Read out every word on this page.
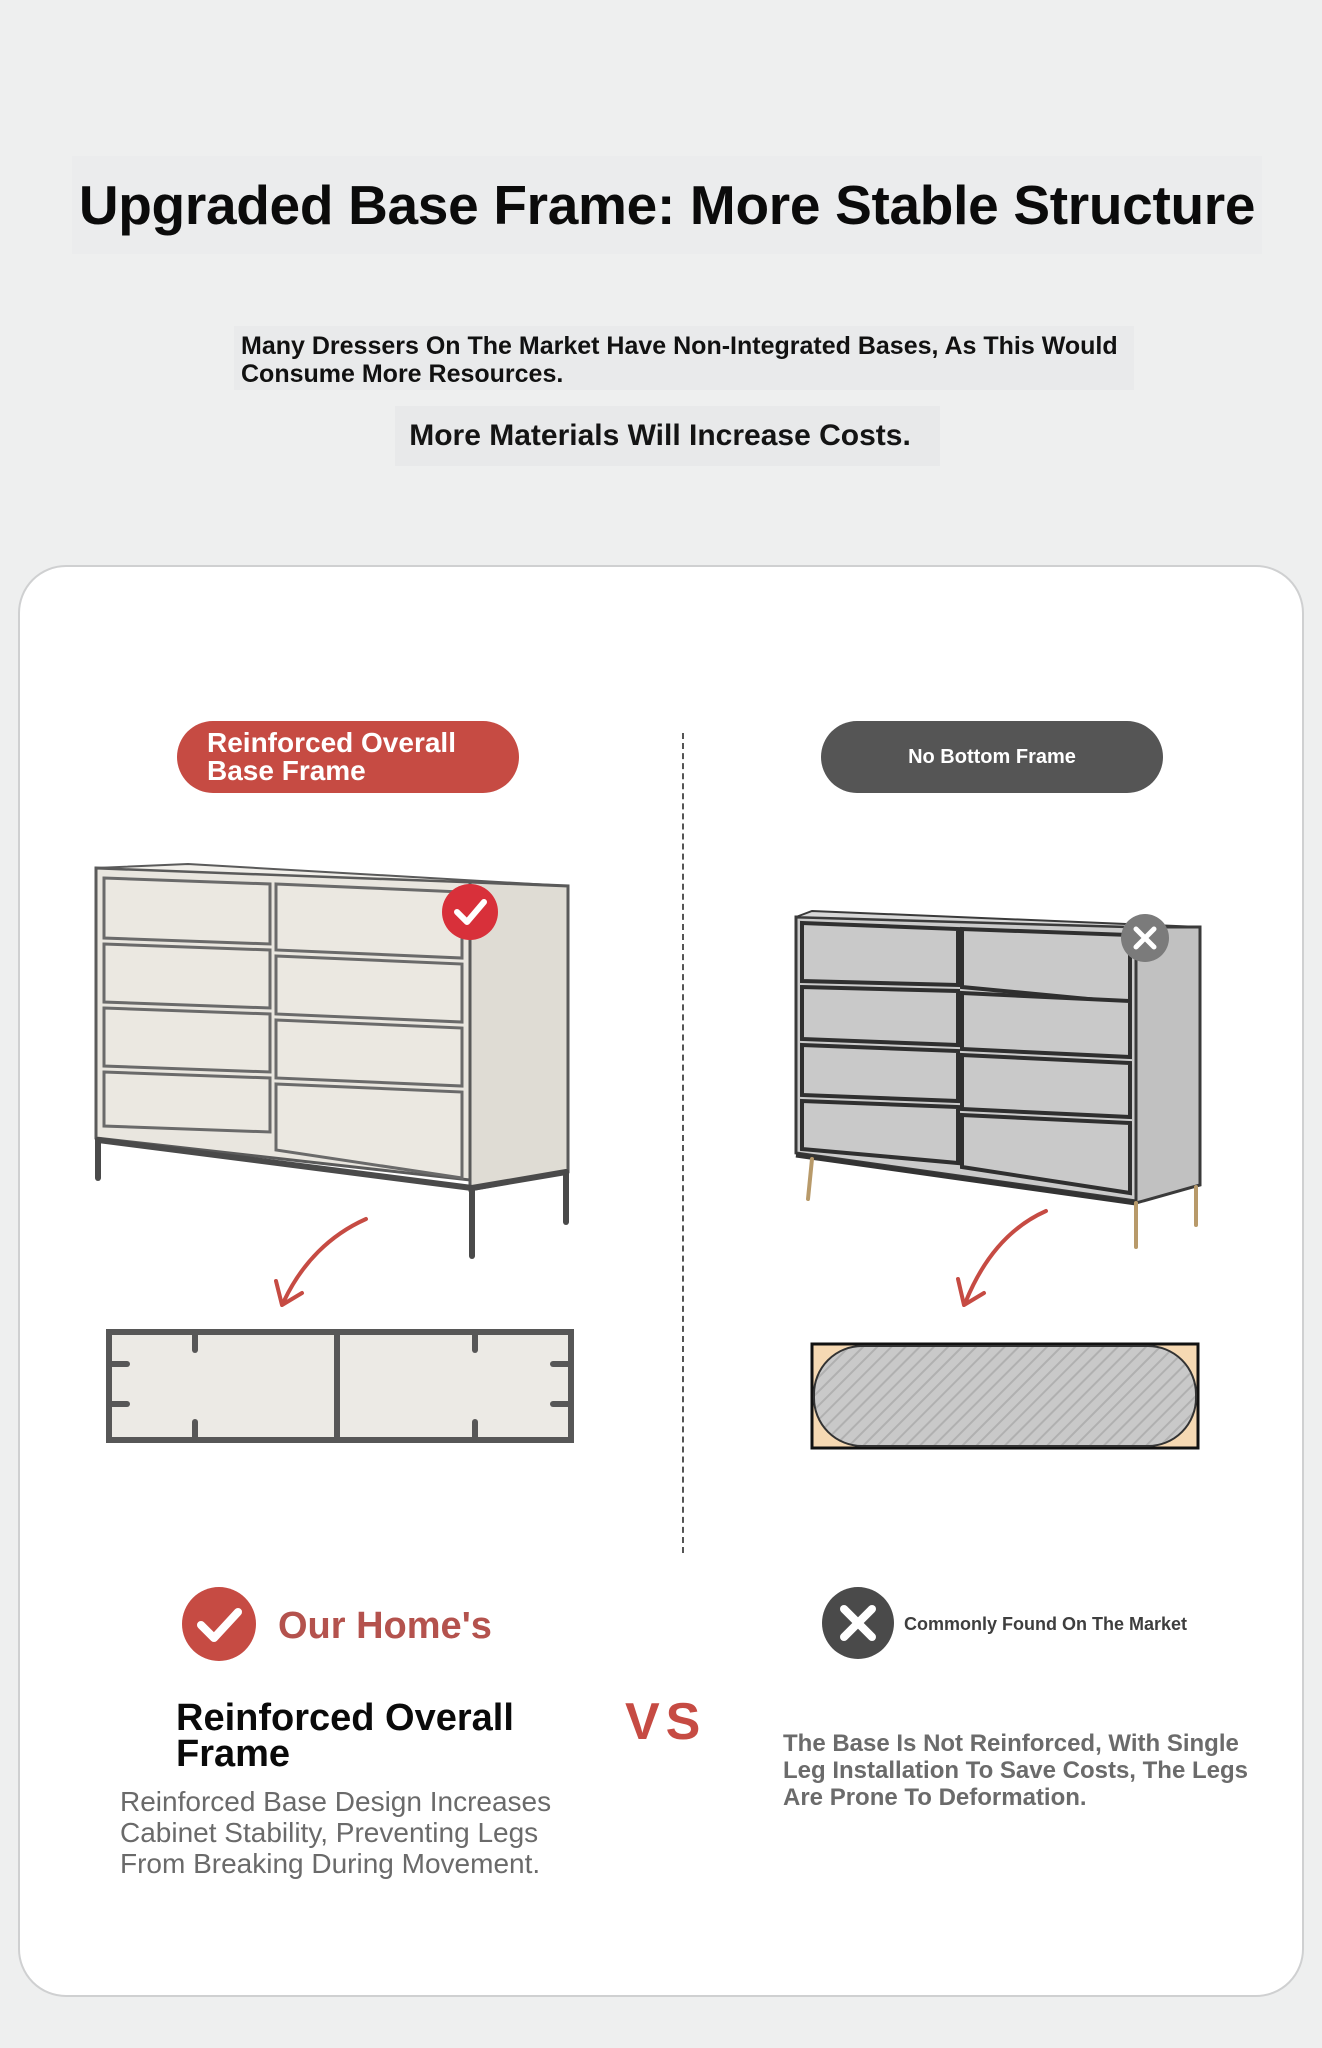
Upgraded Base Frame: More Stable Structure
Many Dressers On The Market Have Non-Integrated Bases, As This Would Consume More Resources.
More Materials Will Increase Costs.
Reinforced Overall Base Frame	No Bottom Frame
Our Home's	Commonly Found On The Market
Reinforced Overall Frame
Reinforced Base Design Increases Cabinet Stability, Preventing Legs From Breaking During Movement.
VS	The Base Is Not Reinforced, With Single Leg Installation To Save Costs, The Legs Are Prone To Deformation.
